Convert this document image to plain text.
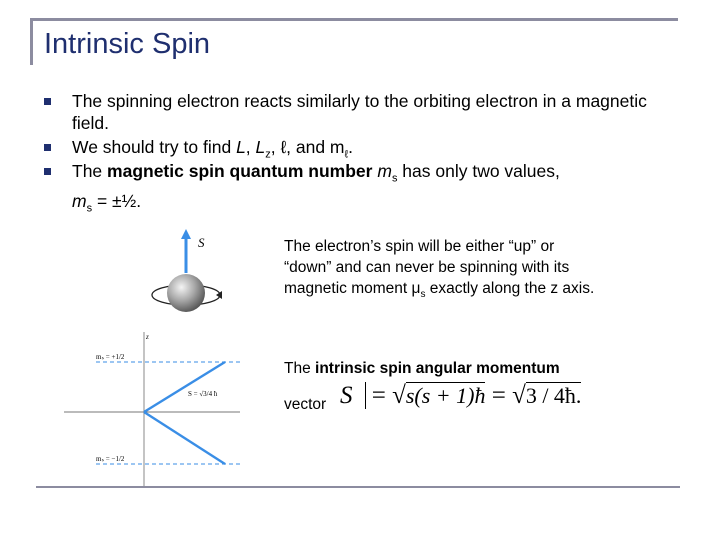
Intrinsic Spin
The spinning electron reacts similarly to the orbiting electron in a magnetic field.
We should try to find L, $L_z$, ℓ, and $m_\ell$.
The magnetic spin quantum number $m_s$ has only two values,
$m_s$ = ±½.
S
z
mₛ = +1/2
mₛ = −1/2
S = √3/4 ħ
The electron’s spin will be either “up” or
“down” and can never be spinning with its
magnetic moment $\mu_s$ exactly along the z axis.
The intrinsic spin angular momentum
vector S = √s(s + 1)ħ = √3 / 4ħ.
